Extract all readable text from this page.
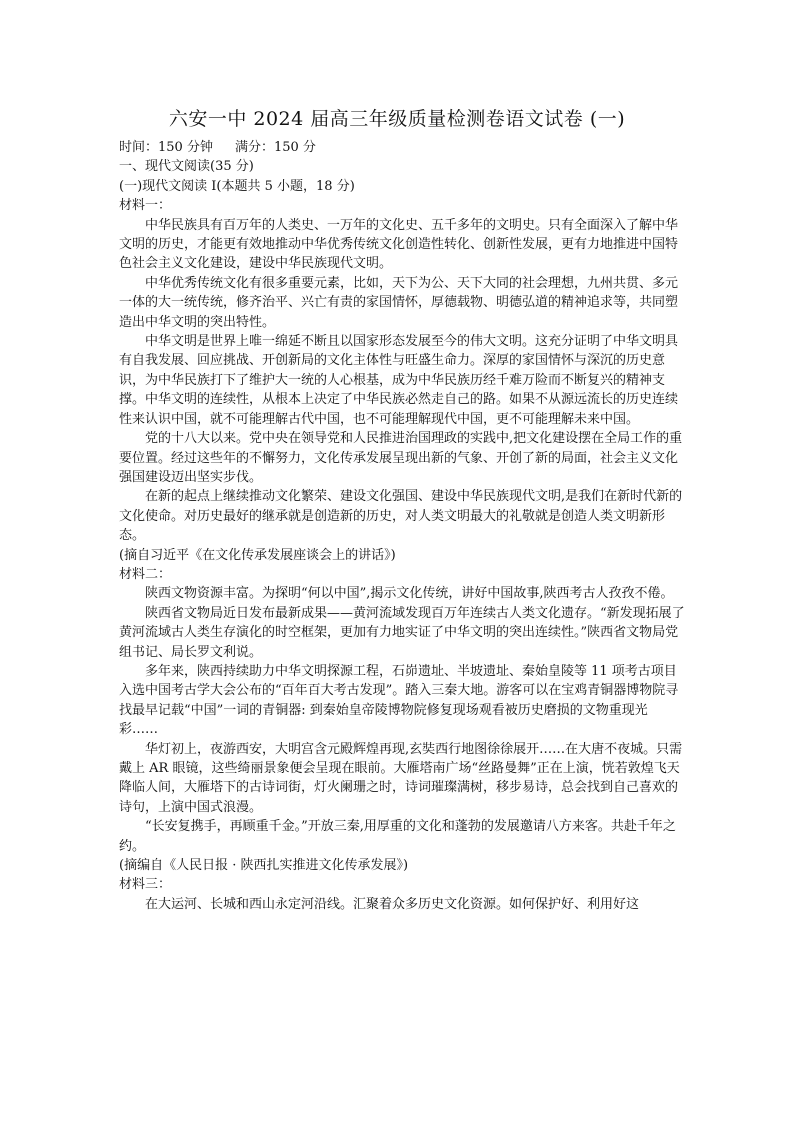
六安一中 2024 届高三年级质量检测卷语文试卷 (一)
时间：150 分钟 满分：150 分
一、现代文阅读(35 分)
(一)现代文阅读 I(本题共 5 小题，18 分)
材料一：

中华民族具有百万年的人类史、一万年的文化史、五千多年的文明史。只有全面深入了解中华文明的历史，才能更有效地推动中华优秀传统文化创造性转化、创新性发展，更有力地推进中国特色社会主义文化建设，建设中华民族现代文明。

中华优秀传统文化有很多重要元素，比如，天下为公、天下大同的社会理想，九州共贯、多元一体的大一统传统，修齐治平、兴亡有责的家国情怀，厚德载物、明德弘道的精神追求等，共同塑造出中华文明的突出特性。

中华文明是世界上唯一绵延不断且以国家形态发展至今的伟大文明。这充分证明了中华文明具有自我发展、回应挑战、开创新局的文化主体性与旺盛生命力。深厚的家国情怀与深沉的历史意识，为中华民族打下了维护大一统的人心根基，成为中华民族历经千难万险而不断复兴的精神支撑。中华文明的连续性，从根本上决定了中华民族必然走自己的路。如果不从源远流长的历史连续性来认识中国，就不可能理解古代中国，也不可能理解现代中国，更不可能理解未来中国。

党的十八大以来。党中央在领导党和人民推进治国理政的实践中,把文化建设摆在全局工作的重要位置。经过这些年的不懈努力，文化传承发展呈现出新的气象、开创了新的局面，社会主义文化强国建设迈出坚实步伐。

在新的起点上继续推动文化繁荣、建设文化强国、建设中华民族现代文明,是我们在新时代新的文化使命。对历史最好的继承就是创造新的历史，对人类文明最大的礼敬就是创造人类文明新形态。

(摘自习近平《在文化传承发展座谈会上的讲话》)
材料二：

陕西文物资源丰富。为探明“何以中国”,揭示文化传统，讲好中国故事,陕西考古人孜孜不倦。

陕西省文物局近日发布最新成果——黄河流域发现百万年连续古人类文化遗存。“新发现拓展了黄河流域古人类生存演化的时空框架，更加有力地实证了中华文明的突出连续性。”陕西省文物局党组书记、局长罗文利说。

多年来，陕西持续助力中华文明探源工程，石峁遗址、半坡遗址、秦始皇陵等 11 项考古项目入选中国考古学大会公布的“百年百大考古发现”。踏入三秦大地。游客可以在宝鸡青铜器博物院寻找最早记载“中国”一词的青铜器: 到秦始皇帝陵博物院修复现场观看被历史磨损的文物重现光彩……

华灯初上，夜游西安，大明宫含元殿辉煌再现,玄奘西行地图徐徐展开……在大唐不夜城。只需戴上 AR 眼镜，这些绮丽景象便会呈现在眼前。大雁塔南广场“丝路曼舞”正在上演，恍若敦煌飞天降临人间，大雁塔下的古诗词街，灯火阑珊之时，诗词璀璨满树，移步易诗，总会找到自己喜欢的诗句，上演中国式浪漫。

“长安复携手，再顾重千金。”开放三秦,用厚重的文化和蓬勃的发展邀请八方来客。共赴千年之约。

(摘编自《人民日报 · 陕西扎实推进文化传承发展》)
材料三：

在大运河、长城和西山永定河沿线。汇聚着众多历史文化资源。如何保护好、利用好这
